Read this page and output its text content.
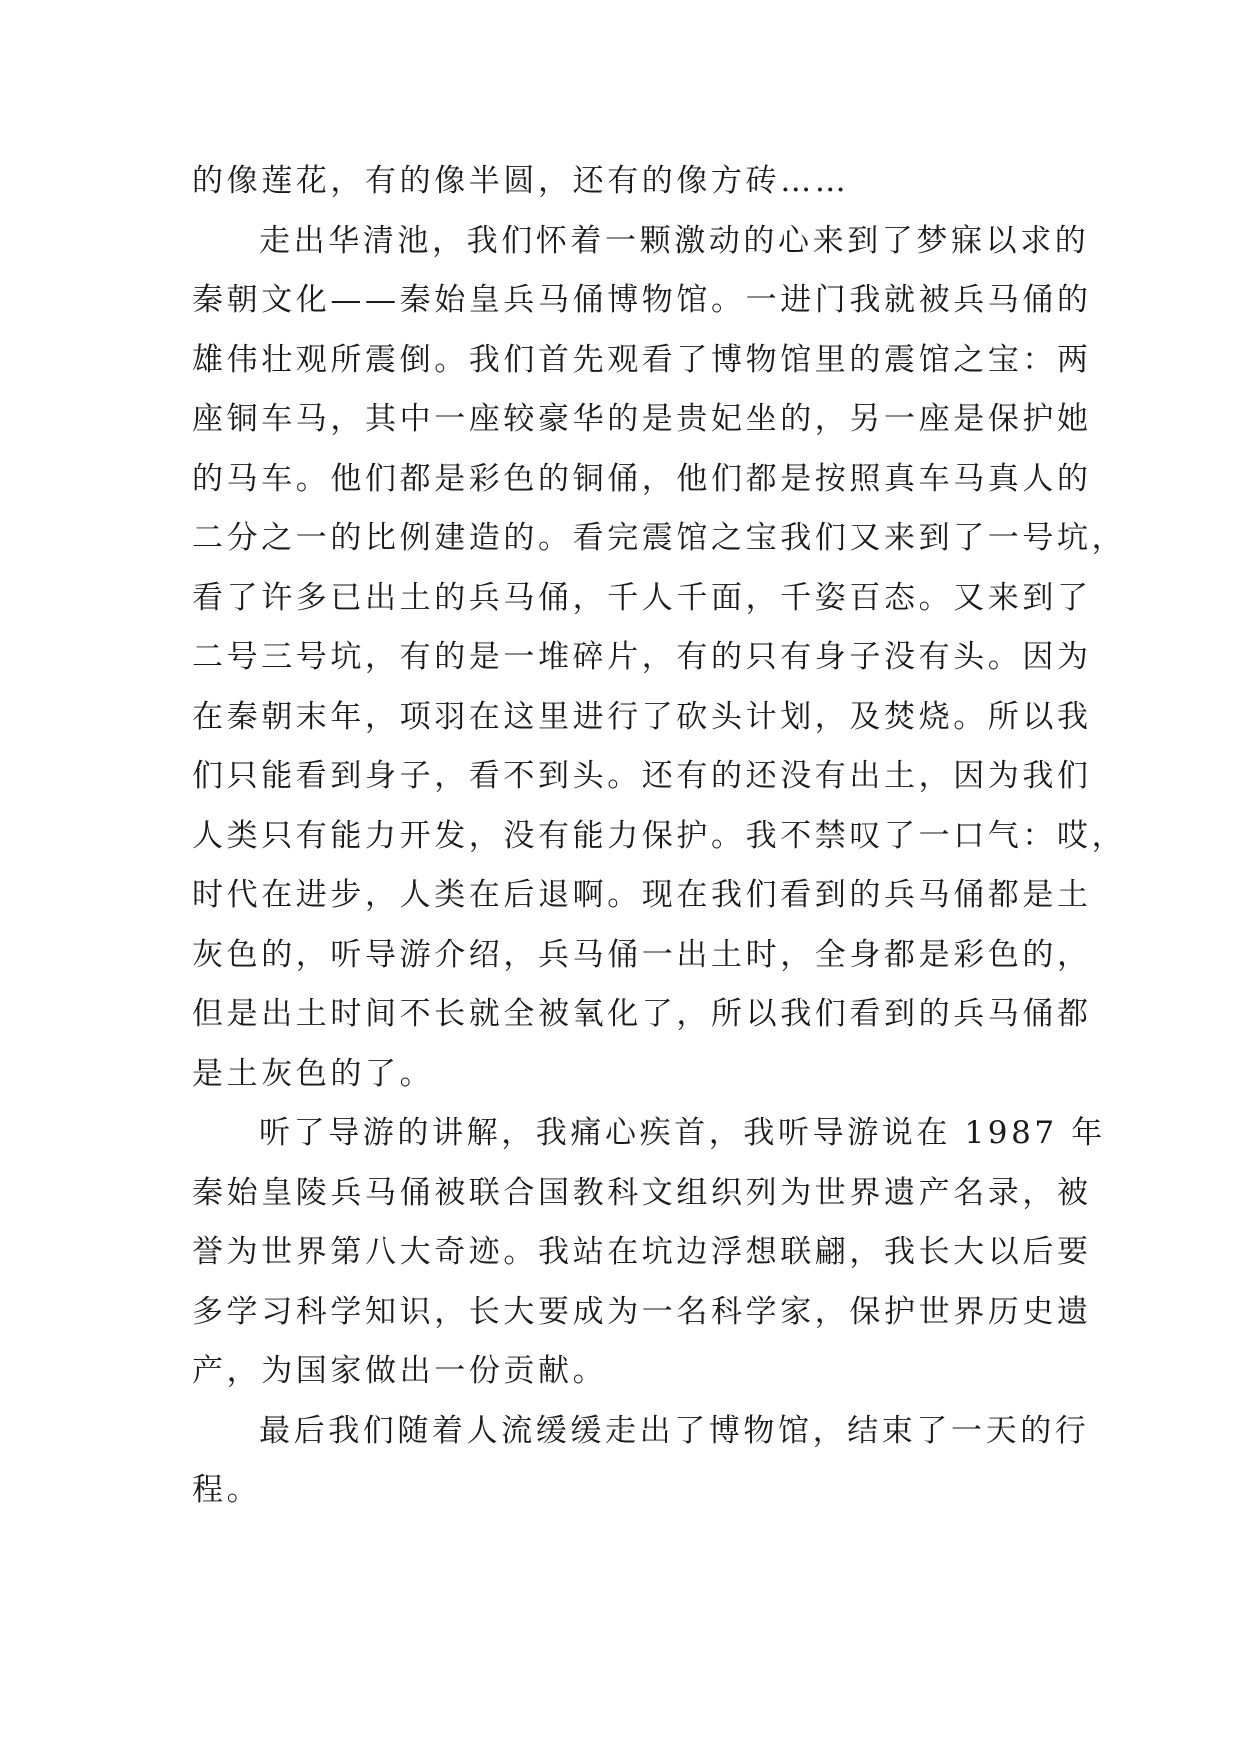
的像莲花，有的像半圆，还有的像方砖……
走出华清池，我们怀着一颗激动的心来到了梦寐以求的
秦朝文化——秦始皇兵马俑博物馆。一进门我就被兵马俑的
雄伟壮观所震倒。我们首先观看了博物馆里的震馆之宝：两
座铜车马，其中一座较豪华的是贵妃坐的，另一座是保护她
的马车。他们都是彩色的铜俑，他们都是按照真车马真人的
二分之一的比例建造的。看完震馆之宝我们又来到了一号坑，
看了许多已出土的兵马俑，千人千面，千姿百态。又来到了
二号三号坑，有的是一堆碎片，有的只有身子没有头。因为
在秦朝末年，项羽在这里进行了砍头计划，及焚烧。所以我
们只能看到身子，看不到头。还有的还没有出土，因为我们
人类只有能力开发，没有能力保护。我不禁叹了一口气：哎，
时代在进步，人类在后退啊。现在我们看到的兵马俑都是土
灰色的，听导游介绍，兵马俑一出土时，全身都是彩色的，
但是出土时间不长就全被氧化了，所以我们看到的兵马俑都
是土灰色的了。
听了导游的讲解，我痛心疾首，我听导游说在 1987 年
秦始皇陵兵马俑被联合国教科文组织列为世界遗产名录，被
誉为世界第八大奇迹。我站在坑边浮想联翩，我长大以后要
多学习科学知识，长大要成为一名科学家，保护世界历史遗
产，为国家做出一份贡献。
最后我们随着人流缓缓走出了博物馆，结束了一天的行
程。
